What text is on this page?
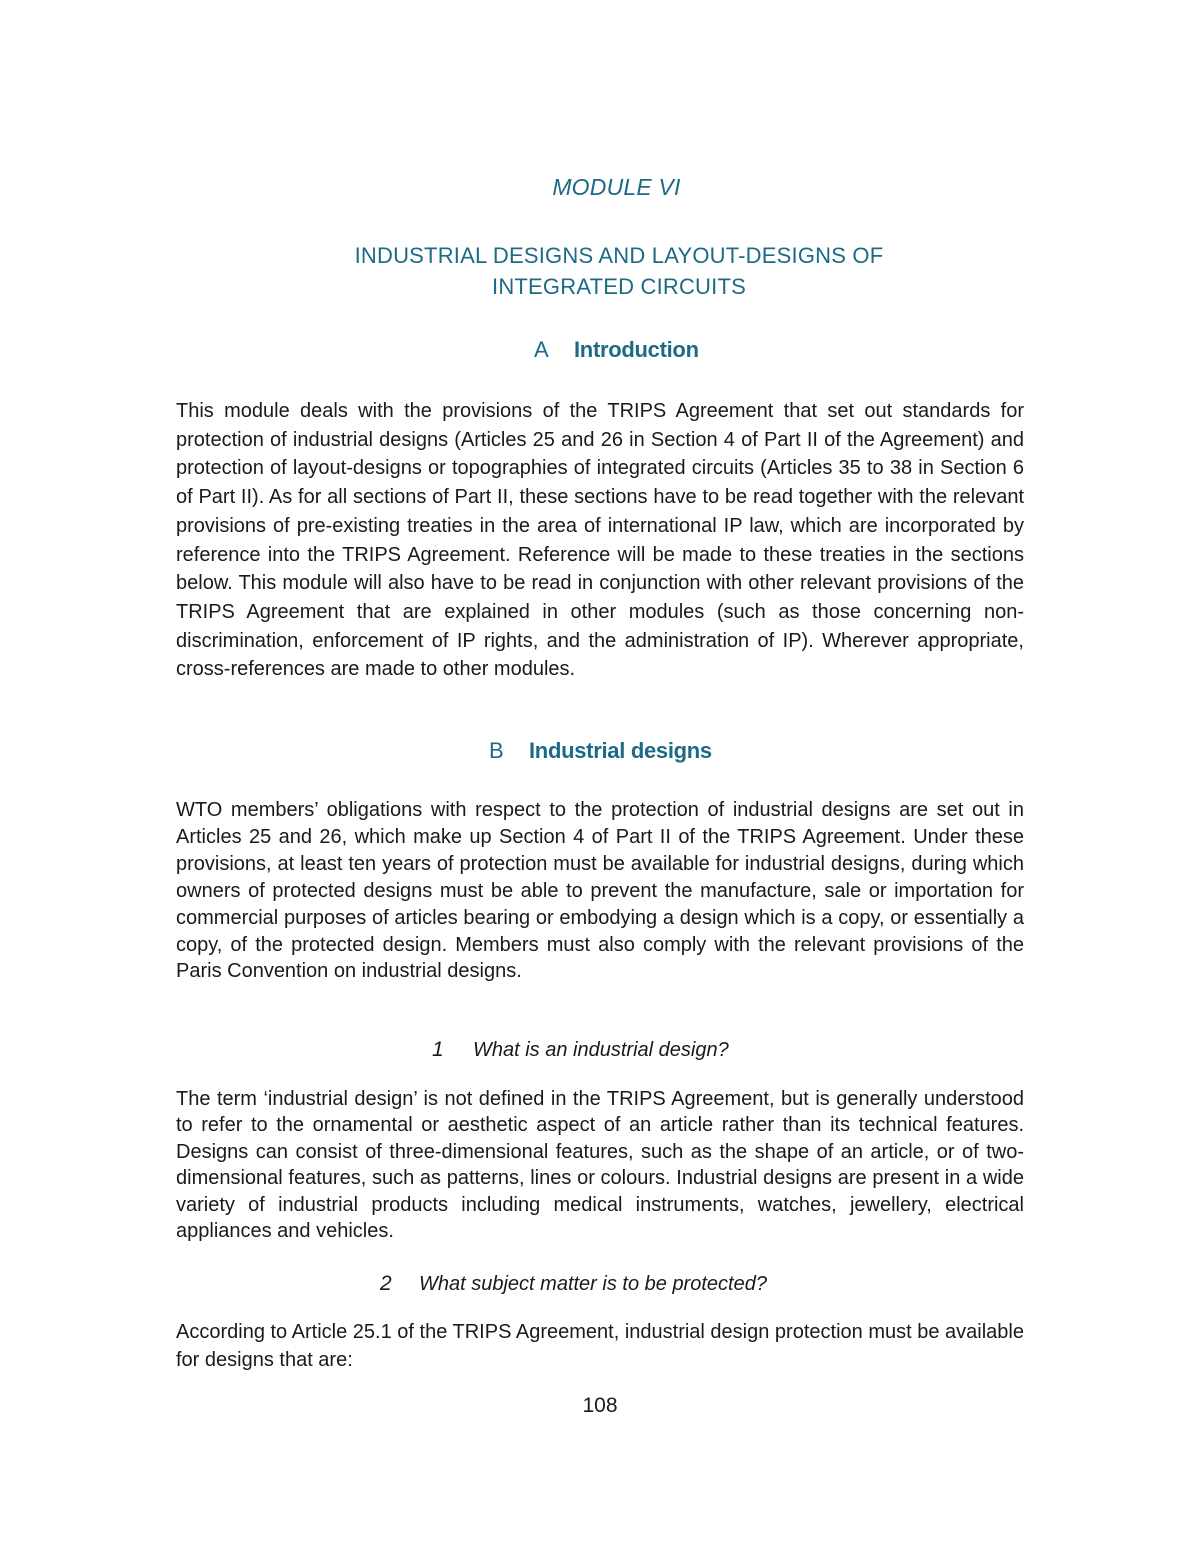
MODULE VI
INDUSTRIAL DESIGNS AND LAYOUT-DESIGNS OF
INTEGRATED CIRCUITS
A Introduction
This module deals with the provisions of the TRIPS Agreement that set out standards for protection of industrial designs (Articles 25 and 26 in Section 4 of Part II of the Agreement) and protection of layout-designs or topographies of integrated circuits (Articles 35 to 38 in Section 6 of Part II). As for all sections of Part II, these sections have to be read together with the relevant provisions of pre-existing treaties in the area of international IP law, which are incorporated by reference into the TRIPS Agreement. Reference will be made to these treaties in the sections below. This module will also have to be read in conjunction with other relevant provisions of the TRIPS Agreement that are explained in other modules (such as those concerning non-discrimination, enforcement of IP rights, and the administration of IP). Wherever appropriate, cross-references are made to other modules.
B Industrial designs
WTO members’ obligations with respect to the protection of industrial designs are set out in Articles 25 and 26, which make up Section 4 of Part II of the TRIPS Agreement. Under these provisions, at least ten years of protection must be available for industrial designs, during which owners of protected designs must be able to prevent the manufacture, sale or importation for commercial purposes of articles bearing or embodying a design which is a copy, or essentially a copy, of the protected design. Members must also comply with the relevant provisions of the Paris Convention on industrial designs.
1 What is an industrial design?
The term ‘industrial design’ is not defined in the TRIPS Agreement, but is generally understood to refer to the ornamental or aesthetic aspect of an article rather than its technical features. Designs can consist of three-dimensional features, such as the shape of an article, or of two-dimensional features, such as patterns, lines or colours. Industrial designs are present in a wide variety of industrial products including medical instruments, watches, jewellery, electrical appliances and vehicles.
2 What subject matter is to be protected?
According to Article 25.1 of the TRIPS Agreement, industrial design protection must be available for designs that are:
108
